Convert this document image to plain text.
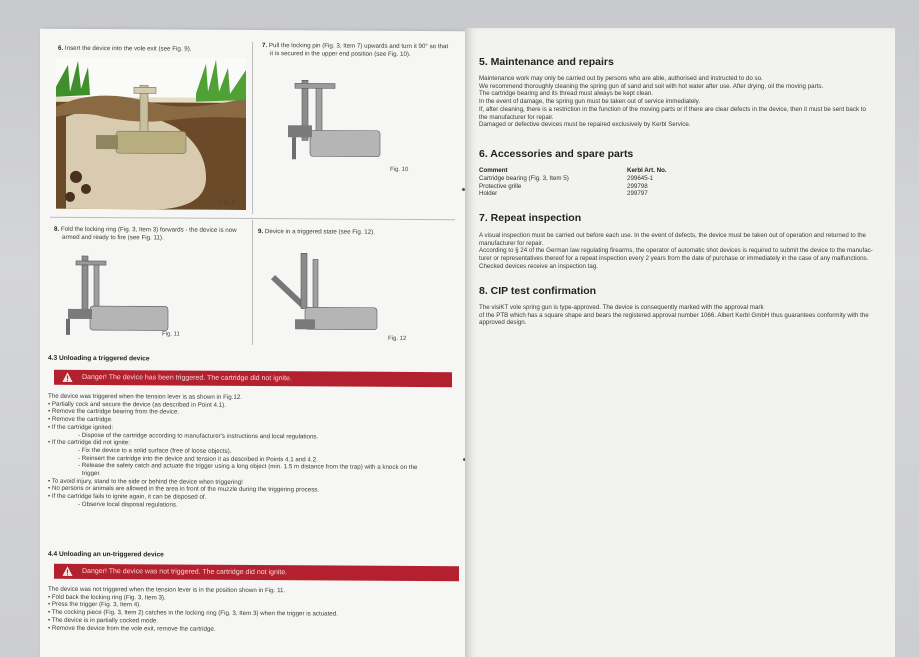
6. Insert the device into the vole exit (see Fig. 9).
Fig. 9
7. Pull the locking pin (Fig. 3, Item 7) upwards and turn it 90° so that
it is secured in the upper end position (see Fig. 10).
Fig. 10
8. Fold the locking ring (Fig. 3, Item 3) forwards - the device is now
armed and ready to fire (see Fig. 11).
Fig. 11
9. Device in a triggered state (see Fig. 12).
Fig. 12
4.3 Unloading a triggered device
Danger! The device has been triggered. The cartridge did not ignite.
The device was triggered when the tension lever is as shown in Fig.12.
• Partially cock and secure the device (as described in Point 4.1).
• Remove the cartridge bearing from the device.
• Remove the cartridge.
• If the cartridge ignited:
- Dispose of the cartridge according to manufacturer's instructions and local regulations.
• If the cartridge did not ignite:
- Fix the device to a solid surface (free of loose objects).
- Reinsert the cartridge into the device and tension it as described in Points 4.1 and 4.2.
- Release the safety catch and actuate the trigger using a long object (min. 1.5 m distance from the trap) with a knock on the
trigger.
• To avoid injury, stand to the side or behind the device when triggering!
• No persons or animals are allowed in the area in front of the muzzle during the triggering process.
• If the cartridge fails to ignite again, it can be disposed of.
- Observe local disposal regulations.
4.4 Unloading an un-triggered device
Danger! The device was not triggered. The cartridge did not ignite.
The device was not triggered when the tension lever is in the position shown in Fig. 11.
• Fold back the locking ring (Fig. 3, Item 3).
• Press the trigger (Fig. 3, Item 4).
• The cocking piece (Fig. 3, Item 2) catches in the locking ring (Fig. 3, Item 3) when the trigger is actuated.
• The device is in partially cocked mode.
• Remove the device from the vole exit, remove the cartridge.
5. Maintenance and repairs
Maintenance work may only be carried out by persons who are able, authorised and instructed to do so.
We recommend thoroughly cleaning the spring gun of sand and soil with hot water after use. After drying, oil the moving parts.
The cartridge bearing and its thread must always be kept clean.
In the event of damage, the spring gun must be taken out of service immediately.
If, after cleaning, there is a restriction in the function of the moving parts or if there are clear defects in the device, then it must be sent back to
the manufacturer for repair.
Damaged or defective devices must be repaired exclusively by Kerbl Service.
6. Accessories and spare parts
Comment	Kerbl Art. No.
Cartridge bearing (Fig. 3, Item 5)	299645-1
Protective grille	299798
Holder	299797
7. Repeat inspection
A visual inspection must be carried out before each use. In the event of defects, the device must be taken out of operation and returned to the
manufacturer for repair.
According to § 24 of the German law regulating firearms, the operator of automatic shot devices is required to submit the device to the manufac-
turer or representatives thereof for a repeat inspection every 2 years from the date of purchase or immediately in the case of any malfunctions.
Checked devices receive an inspection tag.
8. CIP test confirmation
The visiKT vole spring gun is type-approved. The device is consequently marked with the approval mark
of the PTB which has a square shape and bears the registered approval number 1066. Albert Kerbl GmbH thus guarantees conformity with the
approved design.
